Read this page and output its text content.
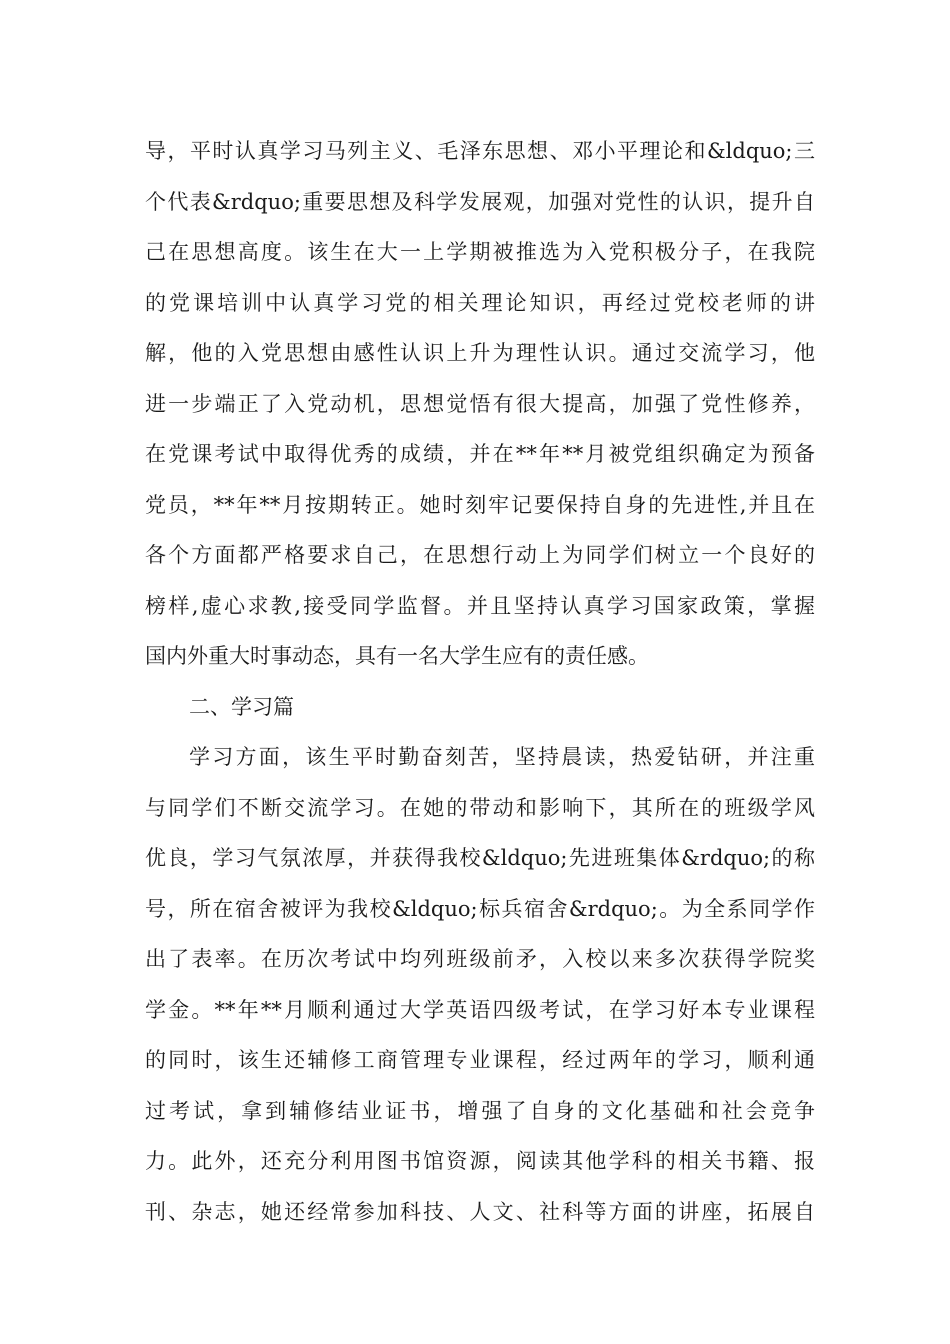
导，平时认真学习马列主义、毛泽东思想、邓小平理论和&ldquo;三
个代表&rdquo;重要思想及科学发展观，加强对党性的认识，提升自
己在思想高度。该生在大一上学期被推选为入党积极分子，在我院
的党课培训中认真学习党的相关理论知识，再经过党校老师的讲
解，他的入党思想由感性认识上升为理性认识。通过交流学习，他
进一步端正了入党动机，思想觉悟有很大提高，加强了党性修养，
在党课考试中取得优秀的成绩，并在**年**月被党组织确定为预备
党员，**年**月按期转正。她时刻牢记要保持自身的先进性,并且在
各个方面都严格要求自己，在思想行动上为同学们树立一个良好的
榜样,虚心求教,接受同学监督。并且坚持认真学习国家政策，掌握
国内外重大时事动态，具有一名大学生应有的责任感。
二、学习篇
学习方面，该生平时勤奋刻苦，坚持晨读，热爱钻研，并注重
与同学们不断交流学习。在她的带动和影响下，其所在的班级学风
优良，学习气氛浓厚，并获得我校&ldquo;先进班集体&rdquo;的称
号，所在宿舍被评为我校&ldquo;标兵宿舍&rdquo;。为全系同学作
出了表率。在历次考试中均列班级前矛，入校以来多次获得学院奖
学金。**年**月顺利通过大学英语四级考试，在学习好本专业课程
的同时，该生还辅修工商管理专业课程，经过两年的学习，顺利通
过考试，拿到辅修结业证书，增强了自身的文化基础和社会竞争
力。此外，还充分利用图书馆资源，阅读其他学科的相关书籍、报
刊、杂志，她还经常参加科技、人文、社科等方面的讲座，拓展自
